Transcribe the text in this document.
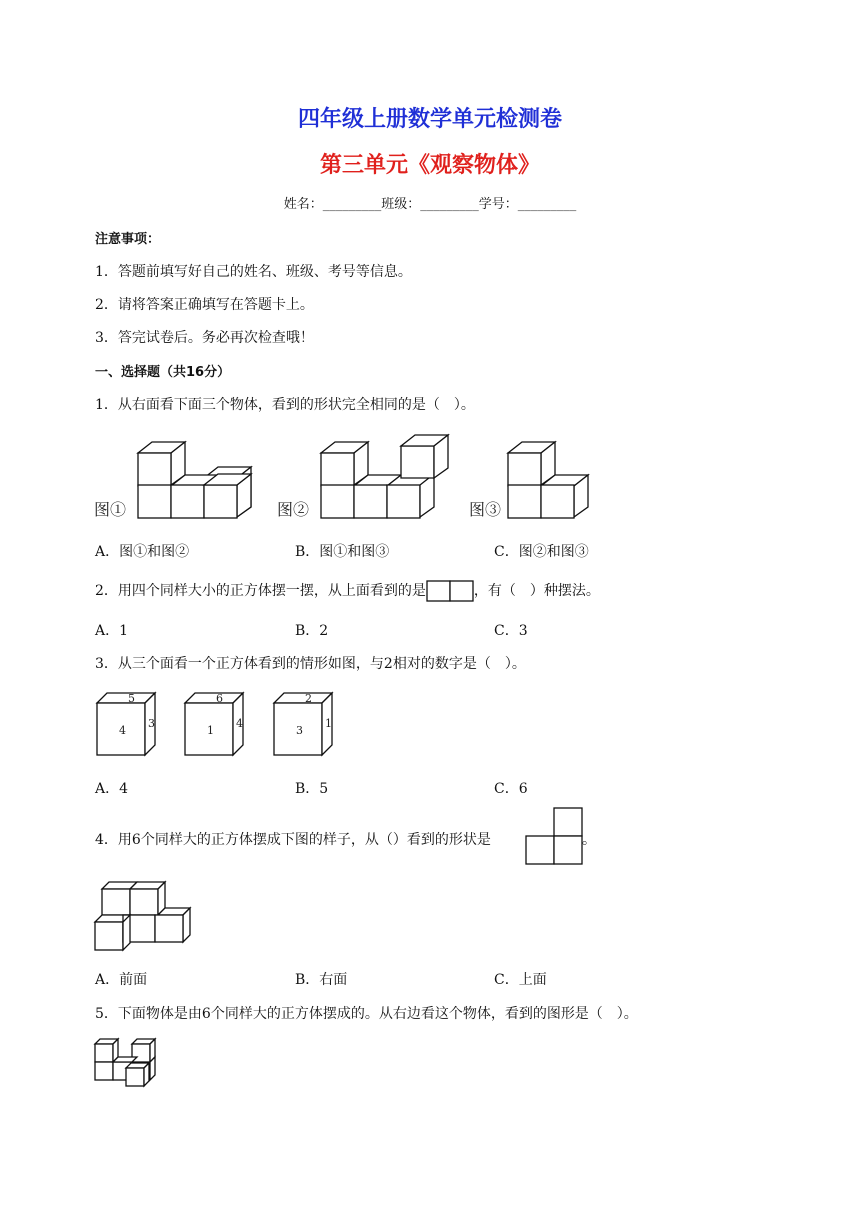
四年级上册数学单元检测卷
第三单元《观察物体》
姓名：_________班级：_________学号：_________
注意事项：
1．答题前填写好自己的姓名、班级、考号等信息。
2．请将答案正确填写在答题卡上。
3．答完试卷后。务必再次检查哦！
一、选择题（共16分）
1．从右面看下面三个物体，看到的形状完全相同的是（　）。
图①	图②	图③
A．图①和图②	B．图①和图③	C．图②和图③
2．用四个同样大小的正方体摆一摆，从上面看到的是	，有（　）种摆法。
A．1	B．2	C．3
3．从三个面看一个正方体看到的情形如图，与2相对的数字是（　）。
5
4
3
6
1
4
2
3
1
A．4	B．5	C．6
4．用6个同样大的正方体摆成下图的样子，从（）看到的形状是	。
A．前面	B．右面	C．上面
5．下面物体是由6个同样大的正方体摆成的。从右边看这个物体，看到的图形是（　）。
